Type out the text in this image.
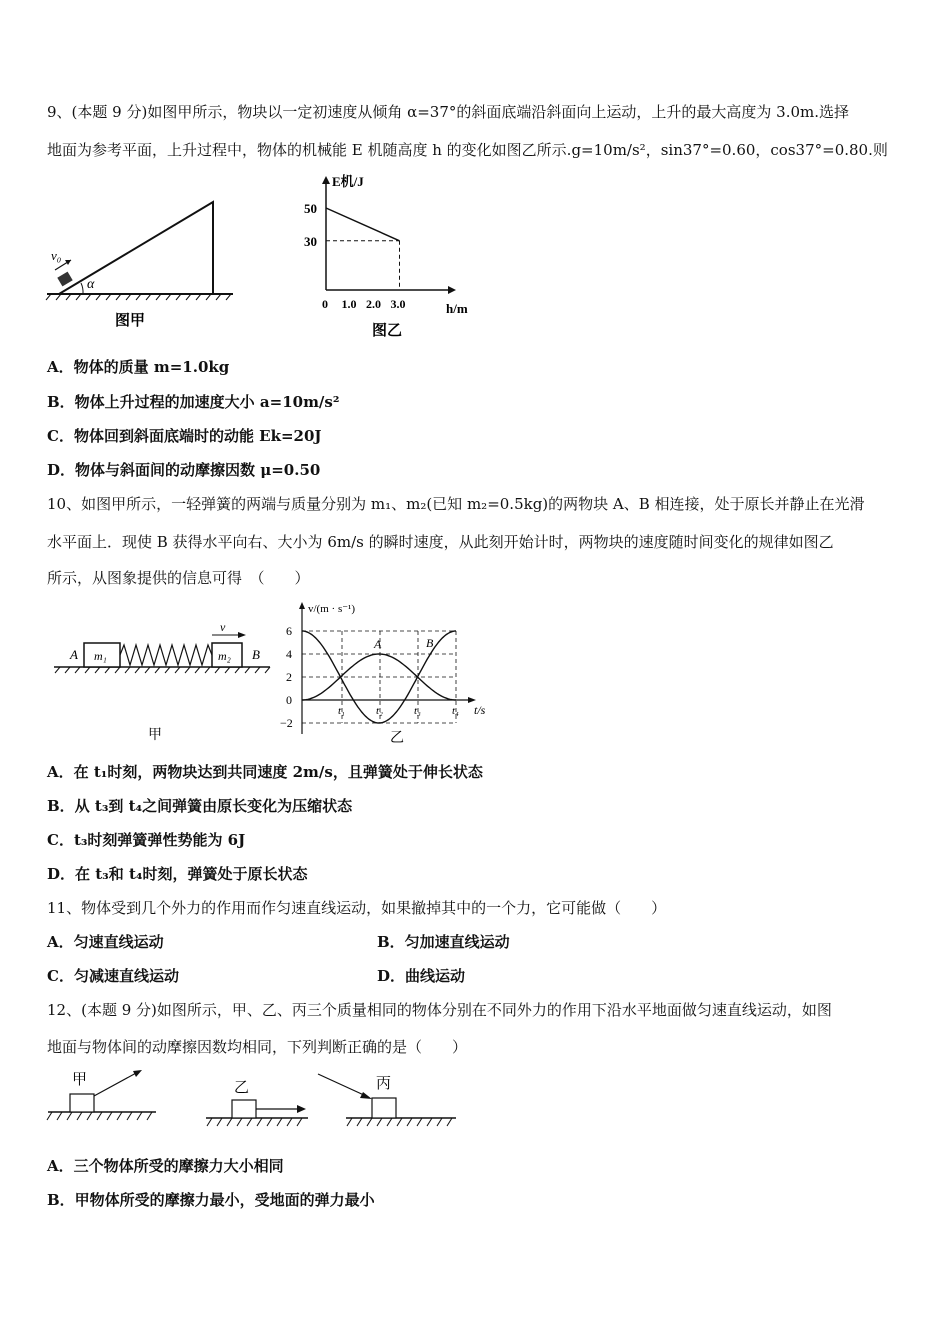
9、(本题 9 分)如图甲所示，物块以一定初速度从倾角 α=37°的斜面底端沿斜面向上运动，上升的最大高度为 3.0m.选择
地面为参考平面，上升过程中，物体的机械能 E 机随高度 h 的变化如图乙所示.g=10m/s²，sin37°=0.60，cos37°=0.80.则
α
v₀
图甲
E机/J
h/m
50
30
0 1.0 2.0 3.0
图乙
A．物体的质量 m=1.0kg
B．物体上升过程的加速度大小 a=10m/s²
C．物体回到斜面底端时的动能 Ek=20J
D．物体与斜面间的动摩擦因数 μ=0.50
10、如图甲所示，一轻弹簧的两端与质量分别为 m₁、m₂(已知 m₂=0.5kg)的两物块 A、B 相连接，处于原长并静止在光滑
水平面上．现使 B 获得水平向右、大小为 6m/s 的瞬时速度，从此刻开始计时，两物块的速度随时间变化的规律如图乙
所示，从图象提供的信息可得　（　　）
m₁	m₂
A	B
v
甲
v/(m · s⁻¹)
t/s
6
4
2
0
−2
t₁	t₂	t₃	t₄
A	B
乙
A．在 t₁时刻，两物块达到共同速度 2m/s，且弹簧处于伸长状态
B．从 t₃到 t₄之间弹簧由原长变化为压缩状态
C．t₃时刻弹簧弹性势能为 6J
D．在 t₃和 t₄时刻，弹簧处于原长状态
11、物体受到几个外力的作用而作匀速直线运动，如果撤掉其中的一个力，它可能做（　　）
A．匀速直线运动	B．匀加速直线运动
C．匀减速直线运动	D．曲线运动
12、(本题 9 分)如图所示，甲、乙、丙三个质量相同的物体分别在不同外力的作用下沿水平地面做匀速直线运动，如图
地面与物体间的动摩擦因数均相同，下列判断正确的是（　　）
甲	乙	丙
A．三个物体所受的摩擦力大小相同
B．甲物体所受的摩擦力最小，受地面的弹力最小
